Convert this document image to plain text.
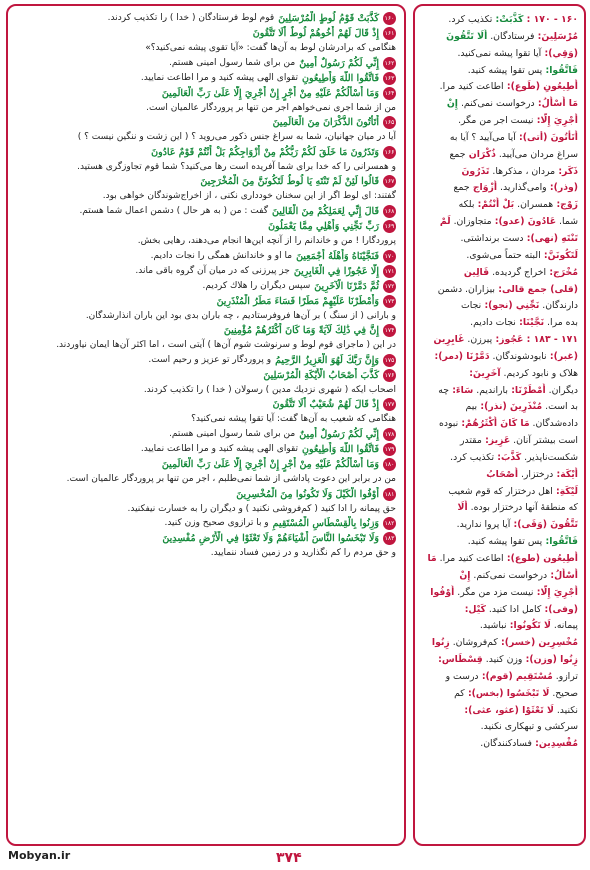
۱۶۰
كَذَّبَتْ قَوْمُ لُوطٍ الْمُرْسَلِينَ
قوم لوط فرستادگان ( خدا ) را تكذيب كردند.
۱۶۱
إِذْ قَالَ لَهُمْ أَخُوهُمْ لُوطٌ أَلَا تَتَّقُونَ
هنگامى كه برادرشان لوط به آن‌ها گفت: «آيا تقوى پيشه نمى‌كنيد؟»
۱۶۲
إِنِّي لَكُمْ رَسُولٌ أَمِينٌ
من براى شما رسول امينى هستم.
۱۶۳
فَاتَّقُوا اللَّهَ وَأَطِيعُونِ
تقواى الهى پيشه كنيد و مرا اطاعت نماييد.
۱۶۴
وَمَا أَسْأَلُكُمْ عَلَيْهِ مِنْ أَجْرٍ إِنْ أَجْرِيَ إِلَّا عَلَىٰ رَبِّ الْعَالَمِينَ
من از شما اجرى نمى‌خواهم اجر من تنها بر پروردگار عالميان است.
۱۶۵
أَتَأْتُونَ الذُّكْرَانَ مِنَ الْعَالَمِينَ
آيا در ميان جهانيان، شما به سراغ جنس ذكور مى‌رويد ؟ ( اين زشت و ننگين نيست ؟ )
۱۶۶
وَتَذَرُونَ مَا خَلَقَ لَكُمْ رَبُّكُمْ مِنْ أَزْوَاجِكُمْ بَلْ أَنْتُمْ قَوْمٌ عَادُونَ
و همسرانى را كه خدا براى شما آفريده است رها مى‌كنيد؟ شما قوم تجاوزگرى هستيد.
۱۶۷
قَالُوا لَئِنْ لَمْ تَنْتَهِ يَا لُوطُ لَتَكُونَنَّ مِنَ الْمُخْرَجِينَ
گفتند: اى لوط اگر از اين سخنان خوددارى نكنى ، از اخراج‌شوندگان خواهى بود.
۱۶۸
قَالَ إِنِّي لِعَمَلِكُمْ مِنَ الْقَالِينَ
گفت : من ( به هر حال ) دشمن اعمال شما هستم.
۱۶۹
رَبِّ نَجِّنِي وَأَهْلِي مِمَّا يَعْمَلُونَ
پروردگارا ! من و خاندانم را از آنچه اين‌ها انجام مى‌دهند، رهايى بخش.
۱۷۰
فَنَجَّيْنَاهُ وَأَهْلَهُ أَجْمَعِينَ
ما او و خاندانش همگى را نجات داديم.
۱۷۱
إِلَّا عَجُوزًا فِي الْغَابِرِينَ
جز پيرزنى كه در ميان آن گروه باقى ماند.
۱۷۲
ثُمَّ دَمَّرْنَا الْآخَرِينَ
سپس ديگران را هلاك كرديم.
۱۷۳
وَأَمْطَرْنَا عَلَيْهِمْ مَطَرًا فَسَاءَ مَطَرُ الْمُنْذَرِينَ
و بارانى ( از سنگ ) بر آن‌ها فروفرستاديم ، چه باران بدى بود اين باران انذارشدگان.
۱۷۴
إِنَّ فِي ذَٰلِكَ لَآيَةً وَمَا كَانَ أَكْثَرُهُمْ مُؤْمِنِينَ
در اين ( ماجراى قوم لوط و سرنوشت شوم آن‌ها ) آيتى است ، اما اكثر آن‌ها ايمان نياوردند.
۱۷۵
وَإِنَّ رَبَّكَ لَهُوَ الْعَزِيزُ الرَّحِيمُ
و پروردگار تو عزيز و رحيم است.
۱۷۶
كَذَّبَ أَصْحَابُ الْأَيْكَةِ الْمُرْسَلِينَ
اصحاب ايكه ( شهرى نزديك مدين ) رسولان ( خدا ) را تكذيب كردند.
۱۷۷
إِذْ قَالَ لَهُمْ شُعَيْبٌ أَلَا تَتَّقُونَ
هنگامى كه شعيب به آن‌ها گفت: آيا تقوا پيشه نمى‌كنيد؟
۱۷۸
إِنِّي لَكُمْ رَسُولٌ أَمِينٌ
من براى شما رسول امينى هستم.
۱۷۹
فَاتَّقُوا اللَّهَ وَأَطِيعُونِ
تقواى الهى پيشه كنيد و مرا اطاعت نماييد.
۱۸۰
وَمَا أَسْأَلُكُمْ عَلَيْهِ مِنْ أَجْرٍ إِنْ أَجْرِيَ إِلَّا عَلَىٰ رَبِّ الْعَالَمِينَ
من در برابر اين دعوت پاداشى از شما نمى‌طلبم ، اجر من تنها بر پروردگار عالميان است.
۱۸۱
أَوْفُوا الْكَيْلَ وَلَا تَكُونُوا مِنَ الْمُخْسِرِينَ
حق پيمانه را ادا كنيد ( كم‌فروشى نكنيد ) و ديگران را به خسارت نيفكنيد.
۱۸۲
وَزِنُوا بِالْقِسْطَاسِ الْمُسْتَقِيمِ
و با ترازوى صحيح وزن كنيد.
۱۸۳
وَلَا تَبْخَسُوا النَّاسَ أَشْيَاءَهُمْ وَلَا تَعْثَوْا فِي الْأَرْضِ مُفْسِدِينَ
و حق مردم را كم نگذاريد و در زمين فساد ننماييد.
۱۶۰ - ۱۷۰ : كَذَّبَتْ: تكذيب كرد.
مُرْسَلِينَ: فرستادگان. أَلَا تَتَّقُونَ
(وَقِي): آيا تقوا پيشه نمى‌كنيد.
فَاتَّقُوا: پس تقوا پيشه كنيد.
أَطِيعُونِ (طَوع): اطاعت كنيد مرا.
مَا أَسْأَلُ: درخواست نمى‌كنم. إِنْ
أَجْرِيَ إِلَّا: نيست اجر من مگر.
أَتَأْتُونَ (أتى): آيا مى‌آييد ؟ آيا به
سراغ مردان مى‌آييد. ذُكْرَان جمع
ذَكَر: مردان ، مذكرها. تَذَرُونَ
(وذر): وامى‌گذاريد. أَزْوَاج جمع
زَوْج: همسران. بَلْ أَنْتُمْ: بلكه
شما. عَادُونَ (عدو): متجاوزان. لَمْ
تَنْتَهِ (نهى): دست برنداشتى.
لَتَكُونَنَّ: البته حتماً مى‌شوى.
مُخْرَج: اخراج گرديده. قَالِين
(قلى) جمع قالى: بيزاران. دشمن
دارندگان. نَجِّنِي (نجو): نجات
بده مرا. نَجَّيْنَا: نجات داديم.
۱۷۱ - ۱۸۳ : عَجُوز: پيرزن. غَابِرِين
(غبر): نابودشوندگان. دَمَّرْنَا (دمر):
هلاک و نابود كرديم. آخَرِينَ:
ديگران. أَمْطَرْنَا: بارانديم. سَاءَ: چه
بد است. مُنْذَرِينَ (نذر): بيم
داده‌شدگان. مَا كَانَ أَكْثَرُهُمْ: نبوده
است بيشتر آنان. عَزِيز: مقتدر
شكست‌ناپذير. كَذَّبَ: تكذيب كرد.
أَيْكَة: درختزار. أَصْحَابُ
لَيْكَةِ: اهل درختزار كه قوم شعيب
كه منطقهٔ آنها درختزار بوده. أَلَا
تَتَّقُونَ (وَقَى): آيا پروا نداريد.
فَاتَّقُوا: پس تقوا پيشه كنيد.
أَطِيعُون (طوع): اطاعت كنيد مرا. مَا
أَسْأَلُ: درخواست نمى‌كنم. إِنْ
أَجْرِيَ إِلَّا: نيست مزد من مگر. أَوْفُوا
(وفى): كامل ادا كنيد. كَيْل:
پيمانه. لَا تَكُونُوا: نباشيد.
مُخْسِرِين (خسر): كم‌فروشان. زِنُوا
زِنُوا (وزن): وزن كنيد. قِسْطَاس:
ترازو. مُسْتَقِيم (قوم): درست و
صحيح. لَا تَبْخَسُوا (بخس): كم
نكنيد. لَا تَعْثَوْا (عثو، عثى):
سركشى و تبهكارى نكنيد.
مُفْسِدِين: فسادكنندگان.
Mobyan.ir	۳۷۴
